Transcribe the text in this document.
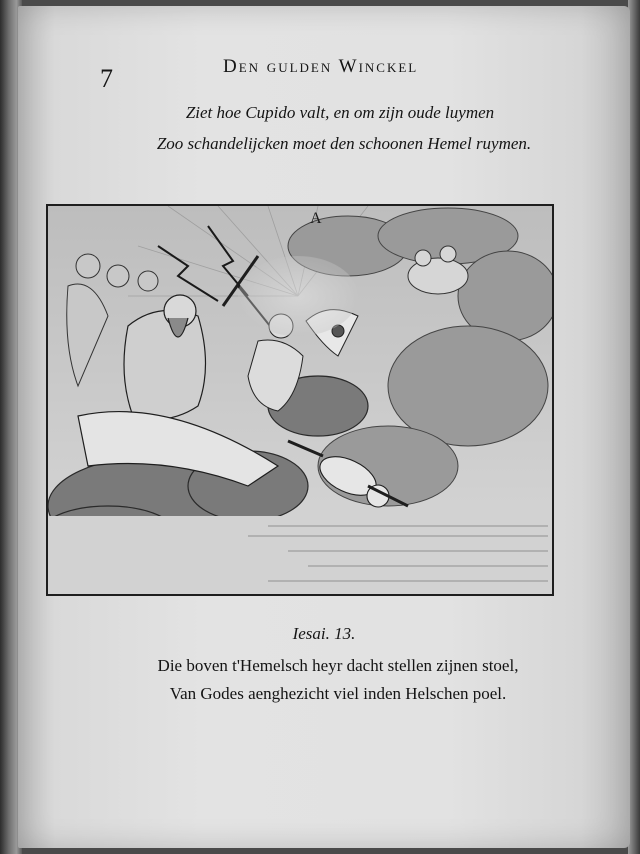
7	Den gulden Winckel
Ziet hoe Cupido valt, en om zijn oude luymen
Zoo schandelijcken moet den schoonen Hemel ruymen.
A
Iesai. 13.
Die boven t'Hemelsch heyr dacht stellen zijnen stoel,
Van Godes aenghezicht viel inden Helschen poel.
